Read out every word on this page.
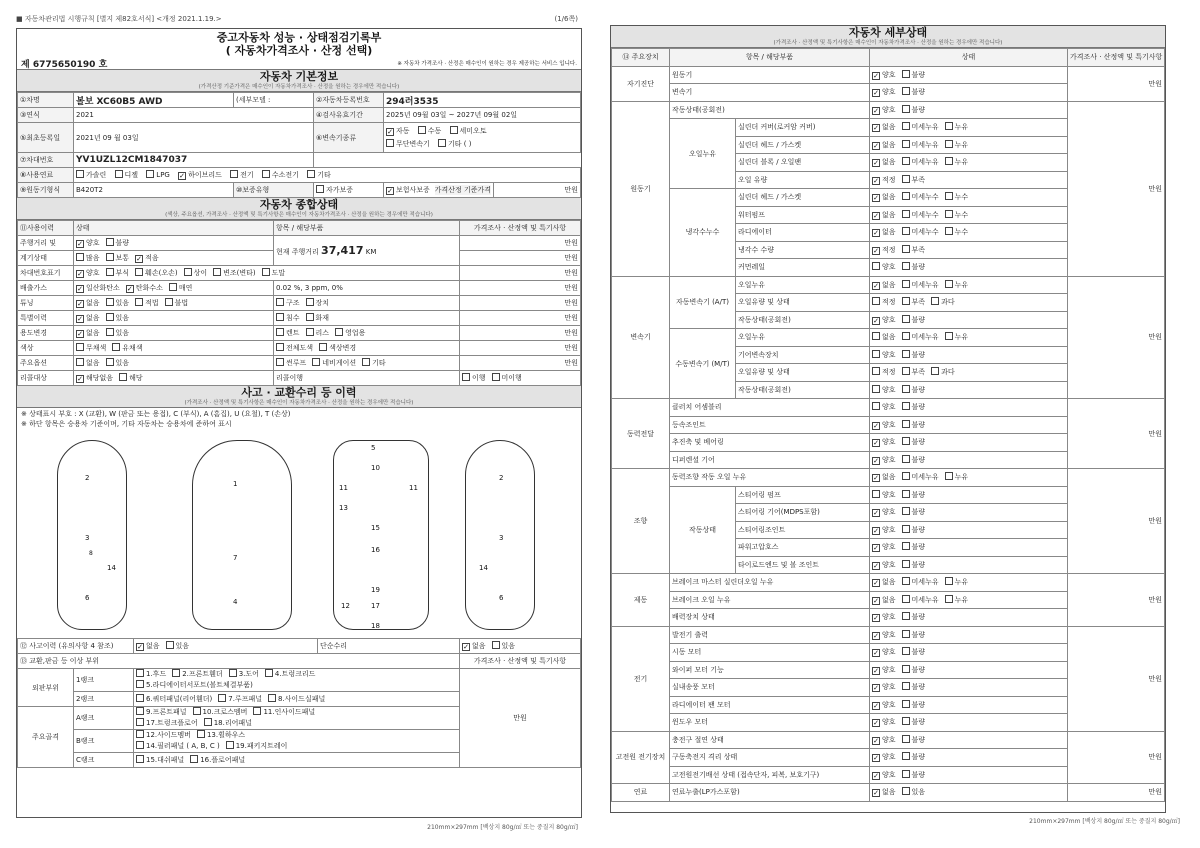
■ 자동차관리법 시행규칙 [별지 제82호서식] <개정 2021.1.19.>	(1/6쪽)
중고자동차 성능 · 상태점검기록부
( 자동차가격조사 · 산정 선택)
제 6775650190 호	※ 자동차 가격조사 · 산정은 매수인이 원하는 경우 제공하는 서비스 입니다.
자동차 기본정보
(가격산정 기준가격은 매수인이 자동차가격조사 · 산정을 원하는 경우에만 적습니다)
①차명	볼보 XC60B5 AWD	(세부모델 :	②자동차등록번호	294러3535	
③연식	2021		④검사유효기간	2025년 09월 03일 ~ 2027년 09월 02일	
⑤최초등록일	2021년 09 월 03일		⑥변속기종류	✓ 자동 수동 세미오토
무단변속기 기타 ( )	
⑦차대번호	YV1UZL12CM1847037				
⑧사용연료	가솔린 디젤 LPG ✓ 하이브리드 전기 수소전기 기타				
⑨원동기형식	B420T2	⑩보증유형	자가보증	✓ 보험사보증 가격산정 기준가격	만원
자동차 종합상태
(색상, 주요옵션, 가격조사 · 산정액 및 특기사항은 매수인이 자동차가격조사 · 산정을 원하는 경우에만 적습니다)
⑪사용이력	상태	항목 / 해당부품	가격조사 · 산정액 및 특기사항
주행거리 및	✓ 양호 불량	현재 주행거리 37,417 KM	만원
계기상태	많음 보통 ✓ 적음		만원
차대번호표기	✓ 양호 부식 훼손(오손) 상이 변조(변타) 도말		만원
배출가스	✓ 일산화탄소 ✓ 탄화수소 매연	0.02 %, 3 ppm, 0%	만원
튜닝	✓ 없음 있음 적법 불법	구조 장치	만원
특별이력	✓ 없음 있음	침수 화재	만원
용도변경	✓ 없음 있음	렌트 리스 영업용	만원
색상	무채색 유채색	전체도색 색상변경	만원
주요옵션	없음 있음	썬루프 네비게이션 기타	만원
리콜대상	✓ 해당없음 해당	리콜이행	이행 미이행
사고 · 교환수리 등 이력
(가격조사 · 산정액 및 특기사항은 매수인이 자동차가격조사 · 산정을 원하는 경우에만 적습니다)
※ 상태표시 부호 : X (교환), W (판금 또는 용접), C (부식), A (흠집), U (요철), T (손상)
※ 하단 항목은 승용차 기준이며, 기타 자동차는 승용차에 준하여 표시
2
3
14
6
1
7
4
5
10
11	11
13
15
16
19
12	17
18
2
3
14
6
8
⑫ 사고이력 (유의사항 4 참조)		✓ 없음 있음	단순수리	✓ 없음 있음
⑬ 교환,판금 등 이상 부위				가격조사 · 산정액 및 특기사항
외판부위	1랭크	1.후드 2.프론트휀더 3.도어 4.트렁크리드
5.라디에이터서포트(볼트체결부품)		만원
	2랭크	6.쿼터패널(리어휀더) 7.루프패널 8.사이드실패널		
주요골격	A랭크	9.프론트패널 10.크로스멤버 11.인사이드패널
17.트렁크플로어 18.리어패널		
	B랭크	12.사이드멤버 13.휠하우스
14.필러패널 ( A, B, C ) 19.패키지트레이		
	C랭크	15.대쉬패널 16.플로어패널		
210mm×297mm [백상지 80g/㎡ 또는 중질지 80g/㎡]
자동차 세부상태
(가격조사 · 산정액 및 특기사항은 매수인이 자동차가격조사 · 산정을 원하는 경우에만 적습니다)
⑭ 주요장치	항목 / 해당부품		상태	가격조사 · 산정액 및 특기사항
자기진단	원동기		✓ 양호 불량	만원
	변속기		✓ 양호 불량	
원동기	작동상태(공회전)		✓ 양호 불량	만원
	오일누유	실린더 커버(로커암 커버)	✓ 없음 미세누유 누유	
		실린더 헤드 / 가스켓	✓ 없음 미세누유 누유	
		실린더 블록 / 오일팬	✓ 없음 미세누유 누유	
		오일 유량	✓ 적정 부족	
	냉각수누수	실린더 헤드 / 가스켓	✓ 없음 미세누수 누수	
		워터펌프	✓ 없음 미세누수 누수	
		라디에이터	✓ 없음 미세누수 누수	
		냉각수 수량	✓ 적정 부족	
		커먼레일	양호 불량	
변속기	자동변속기 (A/T)	오일누유	✓ 없음 미세누유 누유	만원
		오일유량 및 상태	적정 부족 과다	
		작동상태(공회전)	✓ 양호 불량	
	수동변속기 (M/T)	오일누유	없음 미세누유 누유	
		기어변속장치	양호 불량	
		오일유량 및 상태	적정 부족 과다	
		작동상태(공회전)	양호 불량	
동력전달	클러치 어셈블리		양호 불량	만원
	등속조인트		✓ 양호 불량	
	추진축 및 베어링		✓ 양호 불량	
	디퍼렌셜 기어		✓ 양호 불량	
조향	동력조향 작동 오일 누유		✓ 없음 미세누유 누유	만원
	작동상태	스티어링 펌프	양호 불량	
		스티어링 기어(MDPS포함)	✓ 양호 불량	
		스티어링조인트	✓ 양호 불량	
		파워고압호스	✓ 양호 불량	
		타이로드엔드 및 볼 조인트	✓ 양호 불량	
제동	브레이크 마스터 실린더오일 누유		✓ 없음 미세누유 누유	만원
	브레이크 오일 누유		✓ 없음 미세누유 누유	
	배력장치 상태		✓ 양호 불량	
전기	발전기 출력		✓ 양호 불량	만원
	시동 모터		✓ 양호 불량	
	와이퍼 모터 기능		✓ 양호 불량	
	실내송풍 모터		✓ 양호 불량	
	라디에이터 팬 모터		✓ 양호 불량	
	윈도우 모터		✓ 양호 불량	
고전원 전기장치	충전구 절연 상태		✓ 양호 불량	만원
	구동축전지 격리 상태		✓ 양호 불량	
	고전원전기배선 상태 (접속단자, 피복, 보호기구)		✓ 양호 불량	
연료	연료누출(LP가스포함)		✓ 없음 있음	만원
210mm×297mm [백상지 80g/㎡ 또는 중질지 80g/㎡]
